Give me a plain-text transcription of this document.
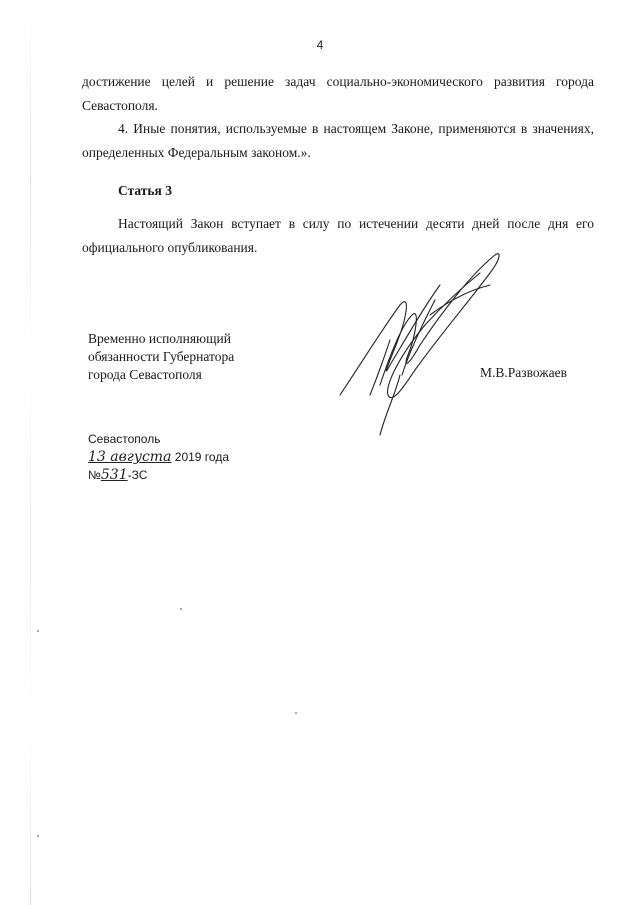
4
достижение целей и решение задач социально-экономического развития города Севастополя.
4. Иные понятия, используемые в настоящем Законе, применяются в значениях, определенных Федеральным законом.».
Статья 3
Настоящий Закон вступает в силу по истечении десяти дней после дня его официального опубликования.
Временно исполняющий
обязанности Губернатора
города Севастополя	М.В.Развожаев
Севастополь
13 августа 2019 года
№531-ЗС
